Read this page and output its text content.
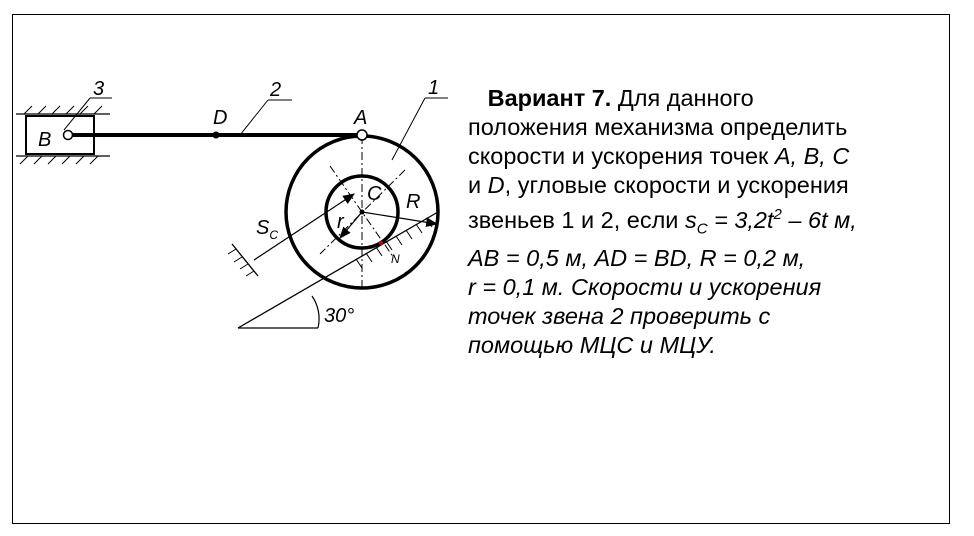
B
D
3	2	1
A
R
r
C
30°
N
$S_C$
Вариант 7. Для данного
положения механизма определить
скорости и ускорения точек A, B, C
и D, угловые скорости и ускорения
звеньев 1 и 2, если $s_C = 3,2t^2 - 6t$ м,
AB = 0,5 м, AD = BD, R = 0,2 м,
r = 0,1 м. Скорости и ускорения
точек звена 2 проверить с
помощью МЦС и МЦУ.
